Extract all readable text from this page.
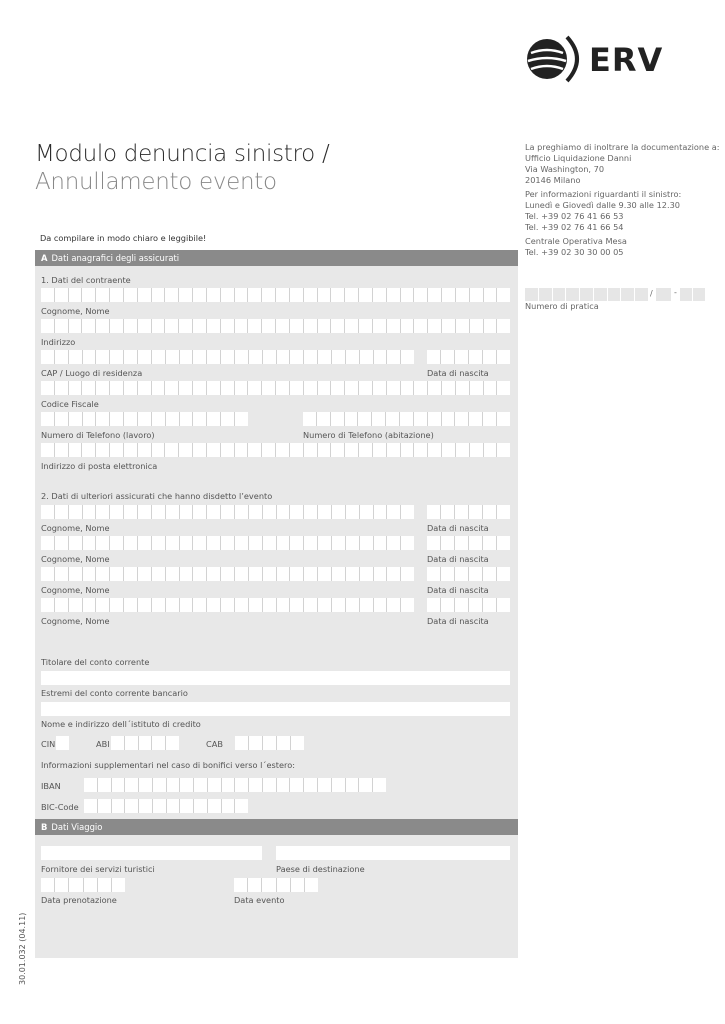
ERV
Modulo denuncia sinistro /
Annullamento evento
Da compilare in modo chiaro e leggibile!
La preghiamo di inoltrare la documentazione a:
Ufficio Liquidazione Danni
Via Washington, 70
20146 Milano
Per informazioni riguardanti il sinistro:
Lunedì e Giovedì dalle 9.30 alle 12.30
Tel. +39 02 76 41 66 53
Tel. +39 02 76 41 66 54
Centrale Operativa Mesa
Tel. +39 02 30 30 00 05
/	-
Numero di pratica
A Dati anagrafici degli assicurati
1. Dati del contraente
Cognome, Nome
Indirizzo
CAP / Luogo di residenza	Data di nascita
Codice Fiscale
Numero di Telefono (lavoro)	Numero di Telefono (abitazione)
Indirizzo di posta elettronica
2. Dati di ulteriori assicurati che hanno disdetto l’evento
Cognome, Nome	Data di nascita
Cognome, Nome	Data di nascita
Cognome, Nome	Data di nascita
Cognome, Nome	Data di nascita
Titolare del conto corrente
Estremi del conto corrente bancario
Nome e indirizzo dell´istituto di credito
CIN	ABI	CAB
Informazioni supplementari nel caso di bonifici verso l´estero:
IBAN
BIC-Code
B Dati Viaggio
Fornitore dei servizi turistici	Paese di destinazione
Data prenotazione	Data evento
30.01.032 (04.11)
